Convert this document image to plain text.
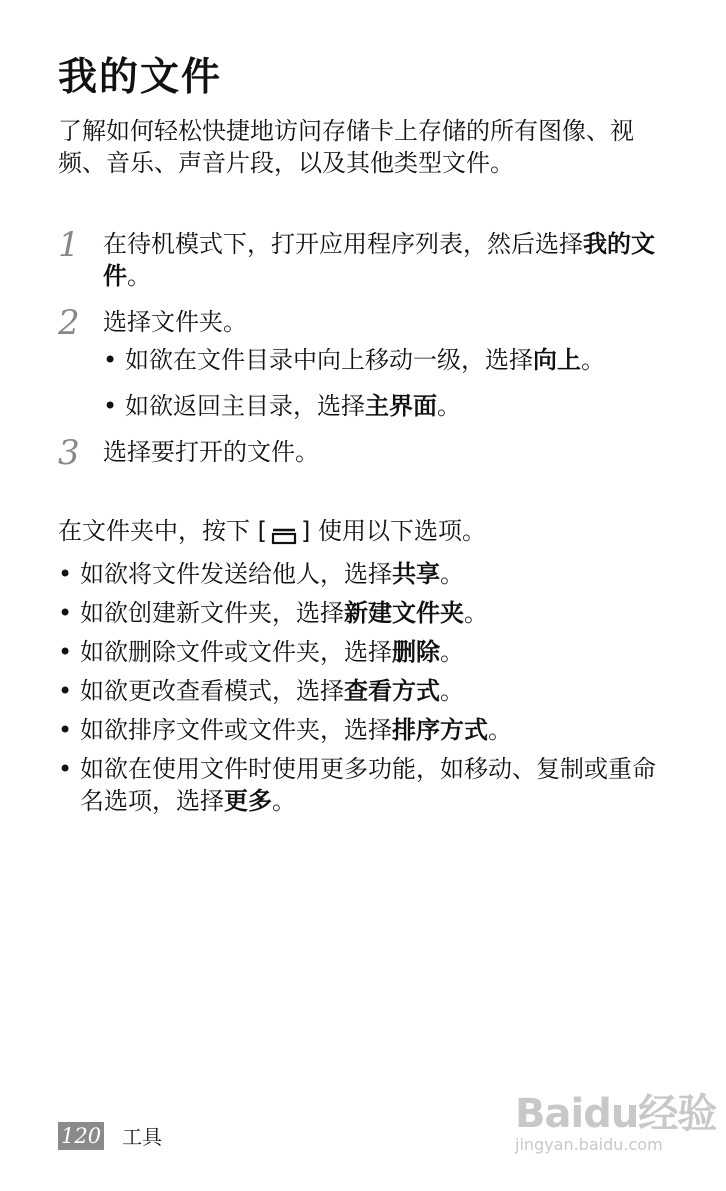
我的文件
了解如何轻松快捷地访问存储卡上存储的所有图像、视频、音乐、声音片段，以及其他类型文件。
1 在待机模式下，打开应用程序列表，然后选择我的文件。
2 选择文件夹。
• 如欲在文件目录中向上移动一级，选择向上。
• 如欲返回主目录，选择主界面。
3 选择要打开的文件。
在文件夹中，按下 [ ] 使用以下选项。
• 如欲将文件发送给他人，选择共享。
• 如欲创建新文件夹，选择新建文件夹。
• 如欲删除文件或文件夹，选择删除。
• 如欲更改查看模式，选择查看方式。
• 如欲排序文件或文件夹，选择排序方式。
• 如欲在使用文件时使用更多功能，如移动、复制或重命名选项，选择更多。
120 工具	Baidu经验
jingyan.baidu.com
